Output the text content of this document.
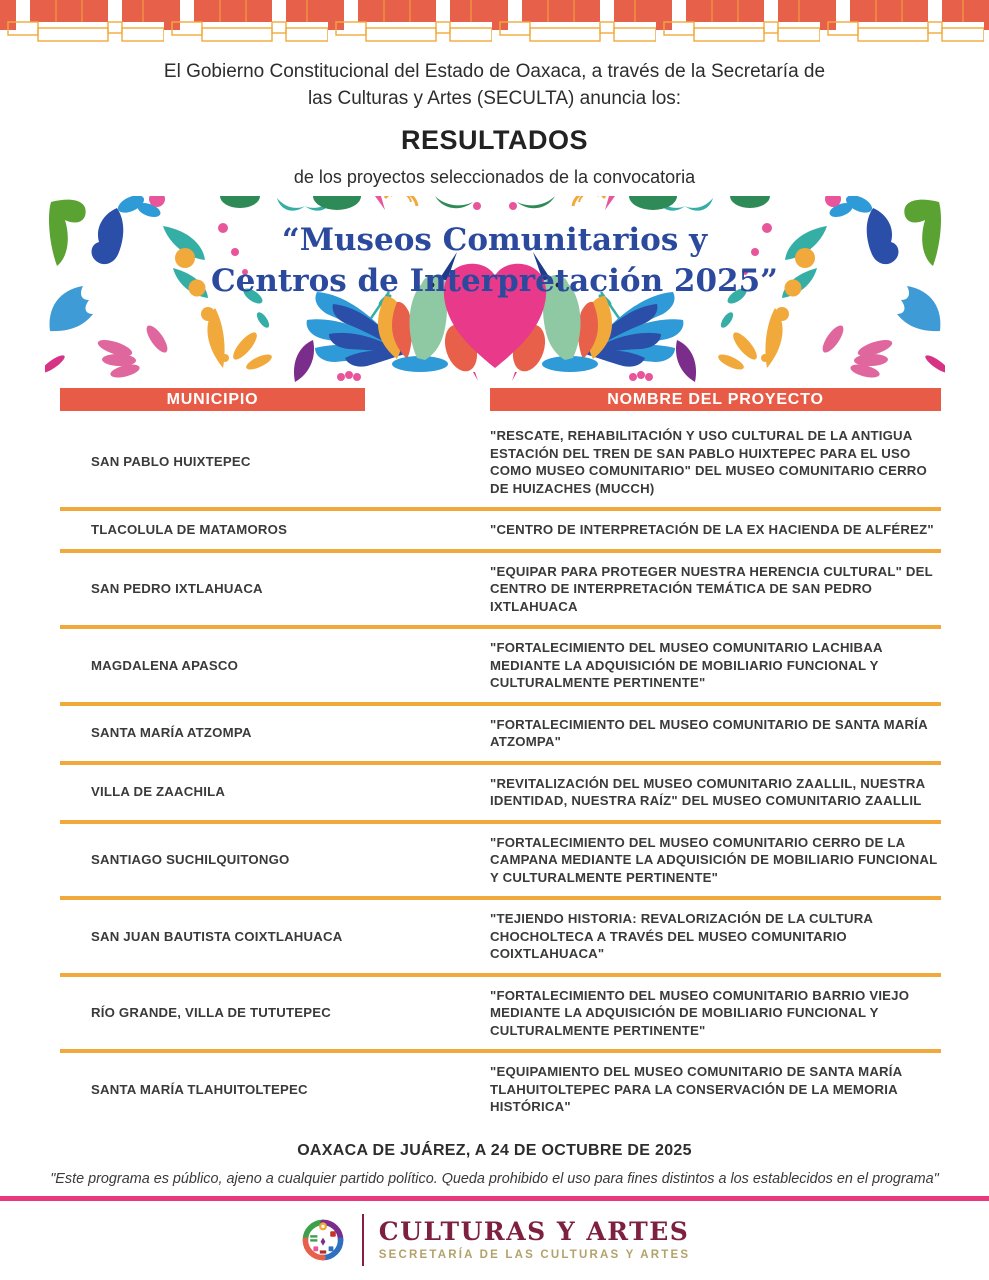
El Gobierno Constitucional del Estado de Oaxaca, a través de la Secretaría de
las Culturas y Artes (SECULTA) anuncia los:
RESULTADOS
de los proyectos seleccionados de la convocatoria
“Museos Comunitarios y
Centros de Interpretación 2025”
MUNICIPIO	NOMBRE DEL PROYECTO
SAN PABLO HUIXTEPEC
"RESCATE, REHABILITACIÓN Y USO CULTURAL DE LA ANTIGUA ESTACIÓN DEL TREN DE SAN PABLO HUIXTEPEC PARA EL USO COMO MUSEO COMUNITARIO" DEL MUSEO COMUNITARIO CERRO DE HUIZACHES (MUCCH)
TLACOLULA DE MATAMOROS	"CENTRO DE INTERPRETACIÓN DE LA EX HACIENDA DE ALFÉREZ"
SAN PEDRO IXTLAHUACA
"EQUIPAR PARA PROTEGER NUESTRA HERENCIA CULTURAL" DEL CENTRO DE INTERPRETACIÓN TEMÁTICA DE SAN PEDRO IXTLAHUACA
MAGDALENA APASCO
"FORTALECIMIENTO DEL MUSEO COMUNITARIO LACHIBAA MEDIANTE LA ADQUISICIÓN DE MOBILIARIO FUNCIONAL Y CULTURALMENTE PERTINENTE"
SANTA MARÍA ATZOMPA
"FORTALECIMIENTO DEL MUSEO COMUNITARIO DE SANTA MARÍA ATZOMPA"
VILLA DE ZAACHILA
"REVITALIZACIÓN DEL MUSEO COMUNITARIO ZAALLIL, NUESTRA IDENTIDAD, NUESTRA RAÍZ" DEL MUSEO COMUNITARIO ZAALLIL
SANTIAGO SUCHILQUITONGO
"FORTALECIMIENTO DEL MUSEO COMUNITARIO CERRO DE LA CAMPANA MEDIANTE LA ADQUISICIÓN DE MOBILIARIO FUNCIONAL Y CULTURALMENTE PERTINENTE"
SAN JUAN BAUTISTA COIXTLAHUACA
"TEJIENDO HISTORIA: REVALORIZACIÓN DE LA CULTURA CHOCHOLTECA A TRAVÉS DEL MUSEO COMUNITARIO COIXTLAHUACA"
RÍO GRANDE, VILLA DE TUTUTEPEC
"FORTALECIMIENTO DEL MUSEO COMUNITARIO BARRIO VIEJO MEDIANTE LA ADQUISICIÓN DE MOBILIARIO FUNCIONAL Y CULTURALMENTE PERTINENTE"
SANTA MARÍA TLAHUITOLTEPEC
"EQUIPAMIENTO DEL MUSEO COMUNITARIO DE SANTA MARÍA TLAHUITOLTEPEC PARA LA CONSERVACIÓN DE LA MEMORIA HISTÓRICA"
OAXACA DE JUÁREZ, A 24 DE OCTUBRE DE 2025
"Este programa es público, ajeno a cualquier partido político. Queda prohibido el uso para fines distintos a los establecidos en el programa"
CULTURAS Y ARTES
SECRETARÍA DE LAS CULTURAS Y ARTES
